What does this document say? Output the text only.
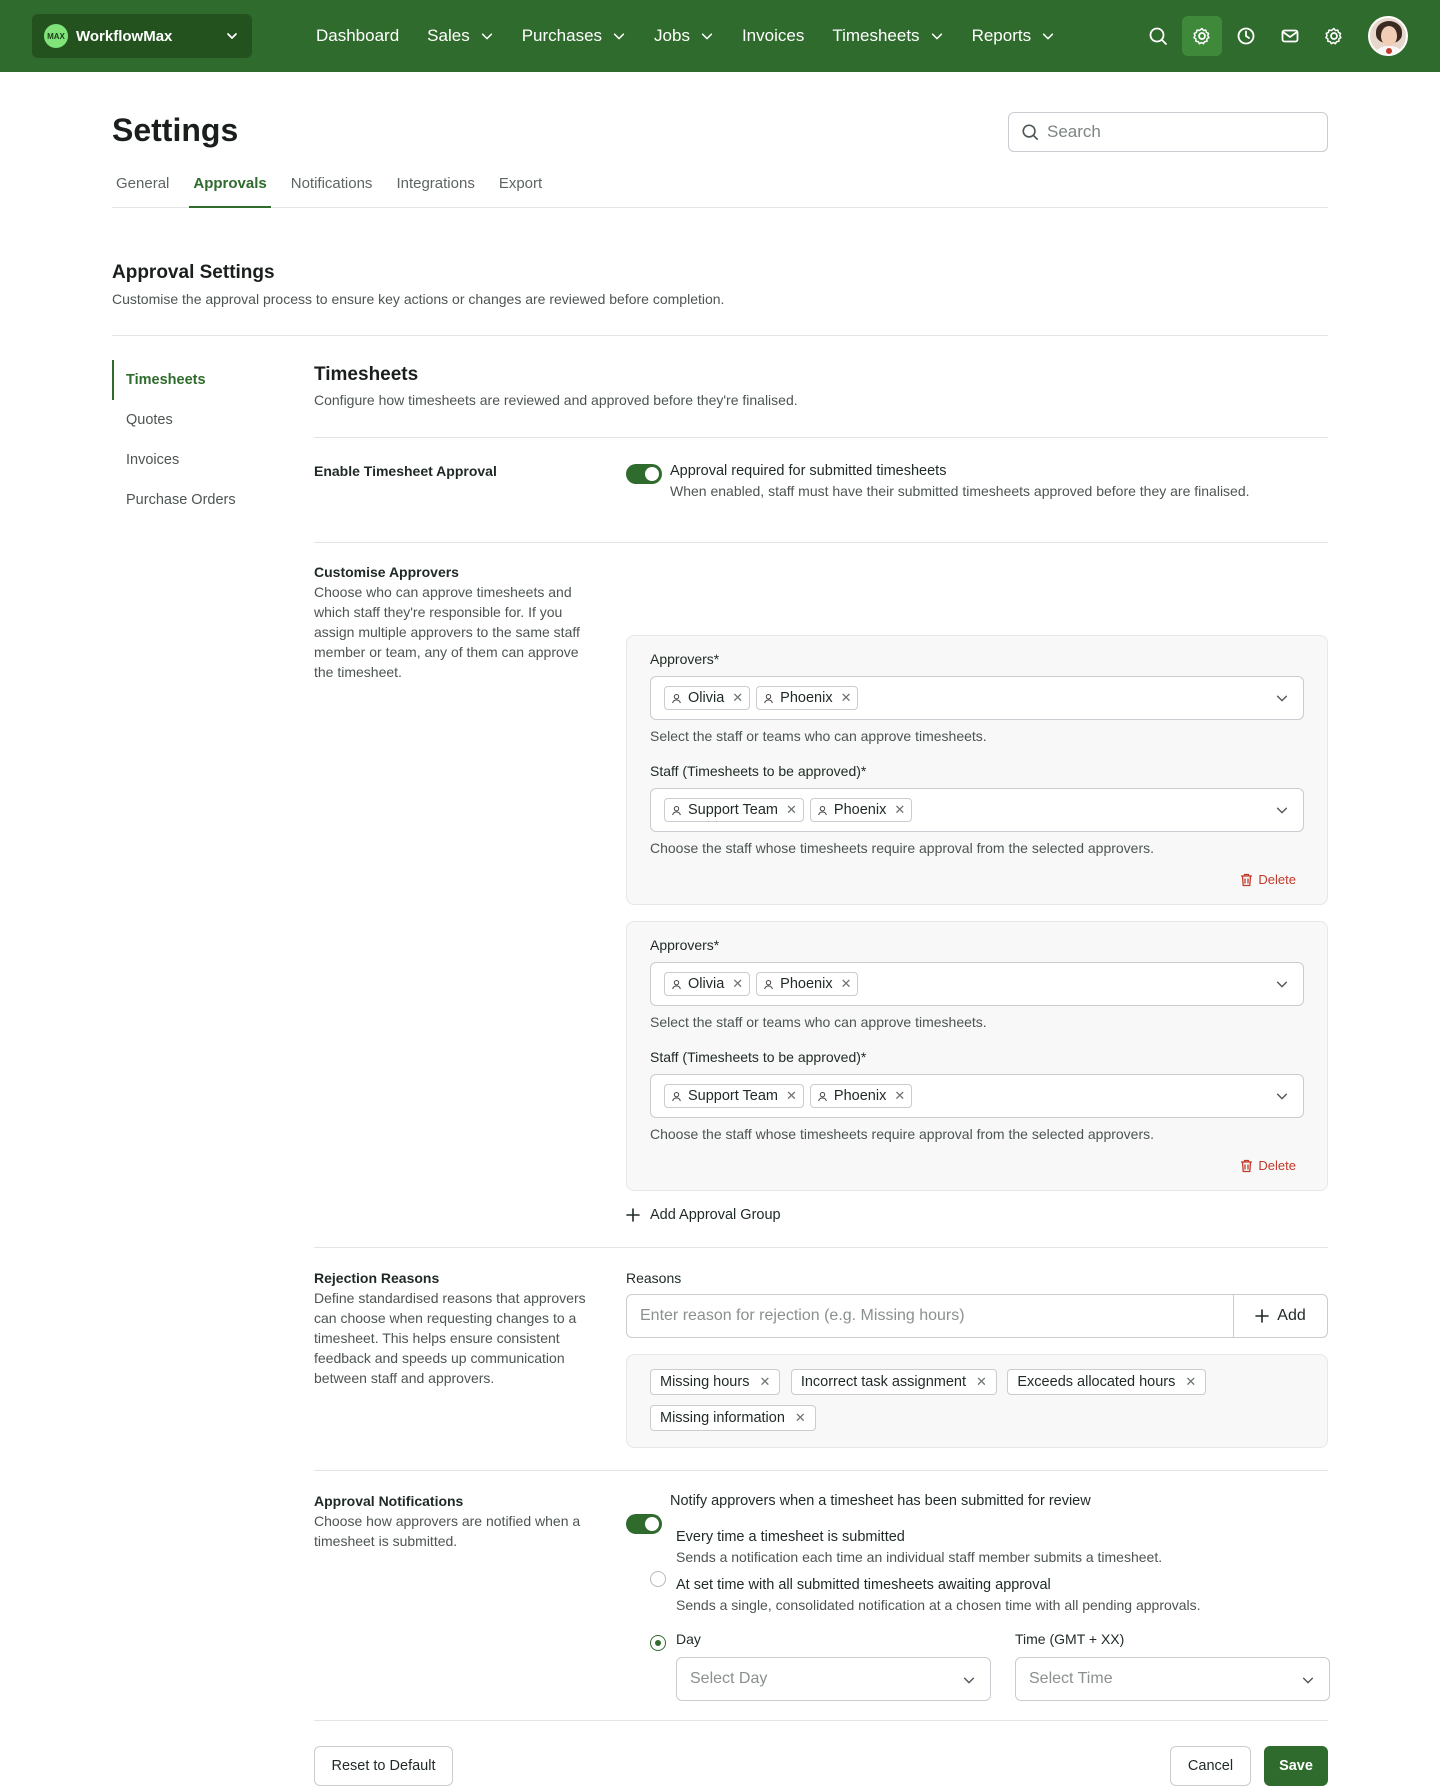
MAX WorkflowMax	Dashboard Sales	Purchases	Jobs	Invoices Timesheets	Reports
Settings
Search
General Approvals Notifications Integrations Export
Approval Settings

Customise the approval process to ensure key actions or changes are reviewed before completion.

Timesheets
Quotes
Invoices
Purchase Orders
Timesheets

Configure how timesheets are reviewed and approved before they're finalised.

Enable Timesheet Approval	Approval required for submitted timesheets
When enabled, staff must have their submitted timesheets approved before they are finalised.
Customise Approvers

Choose who can approve timesheets and which staff they're responsible for. If you assign multiple approvers to the same staff member or team, any of them can approve the timesheet.

Approvers*
Olivia ✕	Phoenix ✕
Select the staff or teams who can approve timesheets.
Staff (Timesheets to be approved)*
Support Team ✕	Phoenix ✕
Choose the staff whose timesheets require approval from the selected approvers.
Delete
Approvers*
Olivia ✕	Phoenix ✕
Select the staff or teams who can approve timesheets.
Staff (Timesheets to be approved)*
Support Team ✕	Phoenix ✕
Choose the staff whose timesheets require approval from the selected approvers.
Delete
Add Approval Group
Rejection Reasons

Define standardised reasons that approvers can choose when requesting changes to a timesheet. This helps ensure consistent feedback and speeds up communication between staff and approvers.

Reasons
Enter reason for rejection (e.g. Missing hours)
Add
Missing hours ✕
Incorrect task assignment ✕
Exceeds allocated hours ✕

Missing information ✕
Approval Notifications

Choose how approvers are notified when a timesheet is submitted.

Notify approvers when a timesheet has been submitted for review
Every time a timesheet is submitted
Sends a notification each time an individual staff member submits a timesheet.
At set time with all submitted timesheets awaiting approval
Sends a single, consolidated notification at a chosen time with all pending approvals.
Day
Select Day
Time (GMT + XX)
Select Time
Reset to Default	Cancel	Save
